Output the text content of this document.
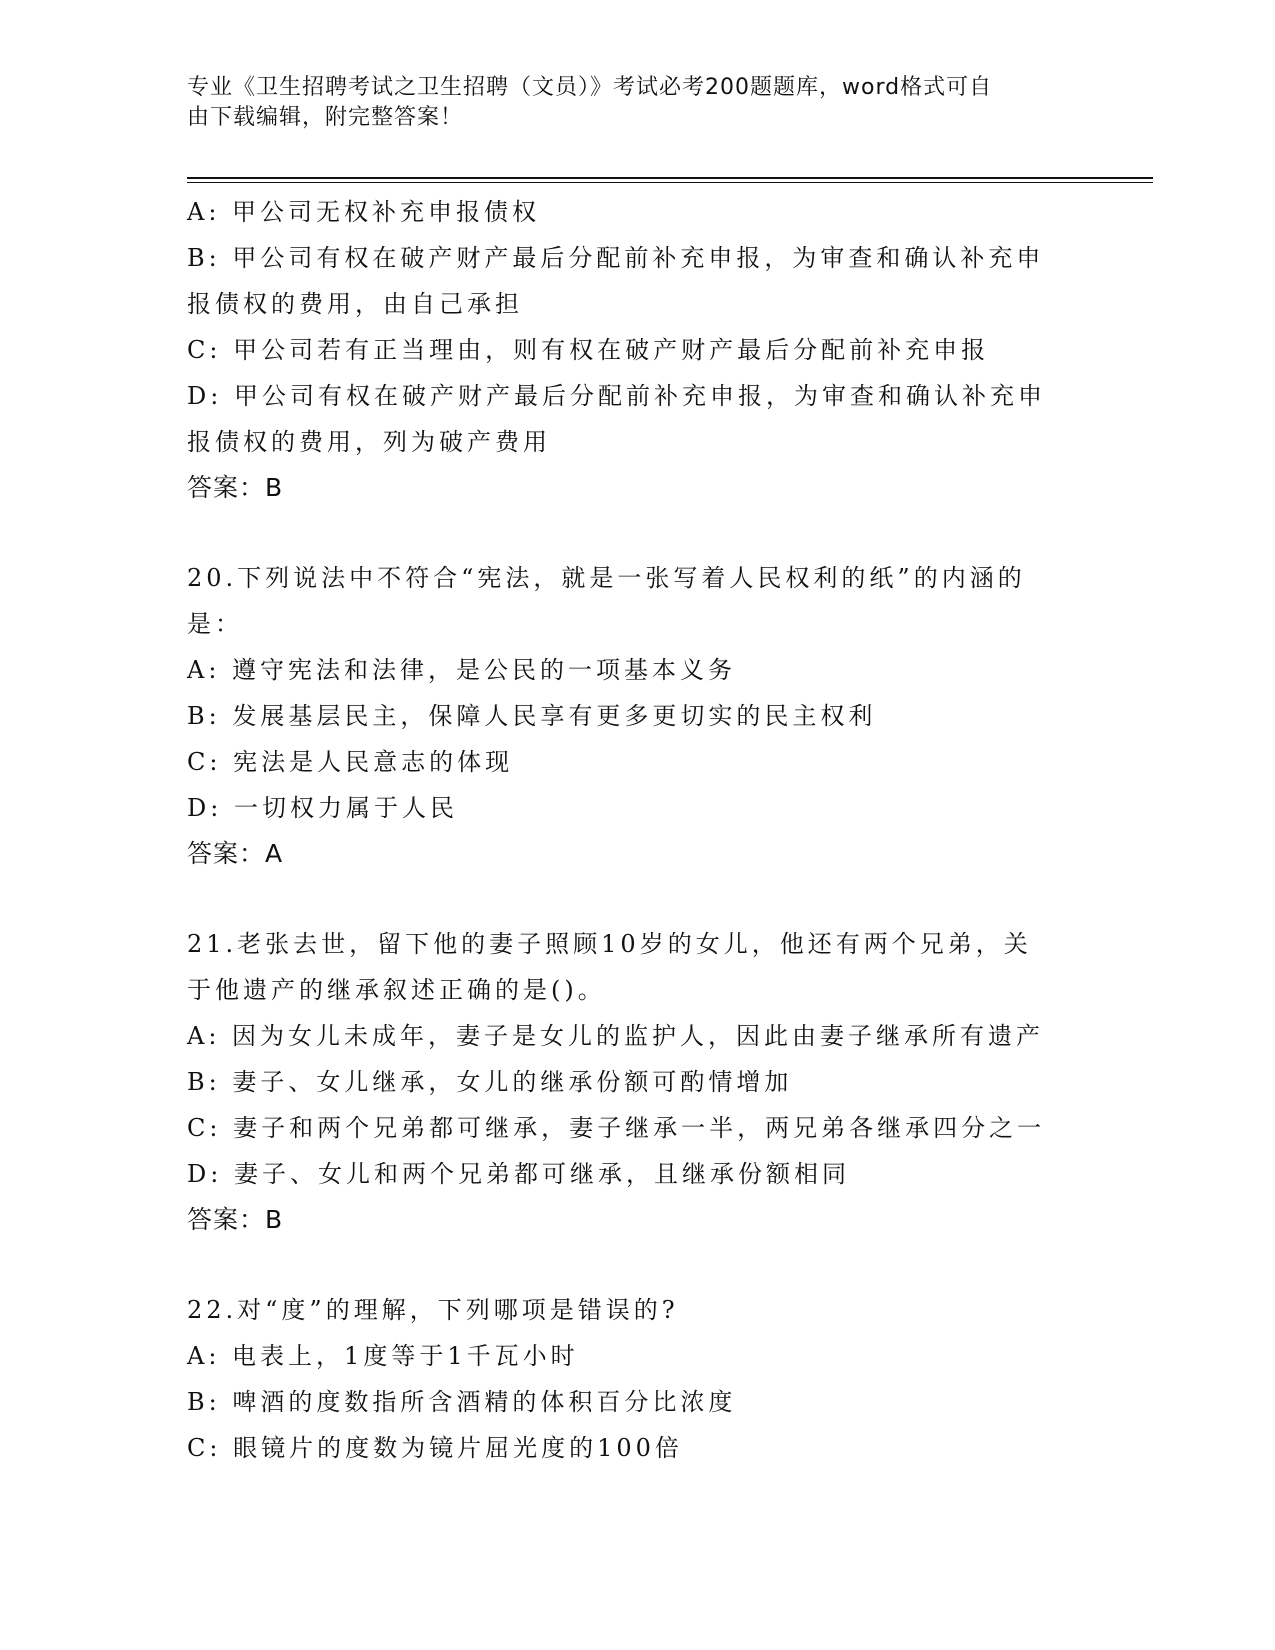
专业《卫生招聘考试之卫生招聘（文员）》考试必考200题题库，word格式可自
由下载编辑，附完整答案！
A: 甲公司无权补充申报债权
B: 甲公司有权在破产财产最后分配前补充申报，为审查和确认补充申
报债权的费用，由自己承担
C: 甲公司若有正当理由，则有权在破产财产最后分配前补充申报
D: 甲公司有权在破产财产最后分配前补充申报，为审查和确认补充申
报债权的费用，列为破产费用
答案：B
20.下列说法中不符合“宪法，就是一张写着人民权利的纸”的内涵的
是：
A: 遵守宪法和法律，是公民的一项基本义务
B: 发展基层民主，保障人民享有更多更切实的民主权利
C: 宪法是人民意志的体现
D: 一切权力属于人民
答案：A
21.老张去世，留下他的妻子照顾10岁的女儿，他还有两个兄弟，关
于他遗产的继承叙述正确的是()。
A: 因为女儿未成年，妻子是女儿的监护人，因此由妻子继承所有遗产
B: 妻子、女儿继承，女儿的继承份额可酌情增加
C: 妻子和两个兄弟都可继承，妻子继承一半，两兄弟各继承四分之一
D: 妻子、女儿和两个兄弟都可继承，且继承份额相同
答案：B
22.对“度”的理解，下列哪项是错误的?
A: 电表上，1度等于1千瓦小时
B: 啤酒的度数指所含酒精的体积百分比浓度
C: 眼镜片的度数为镜片屈光度的100倍
